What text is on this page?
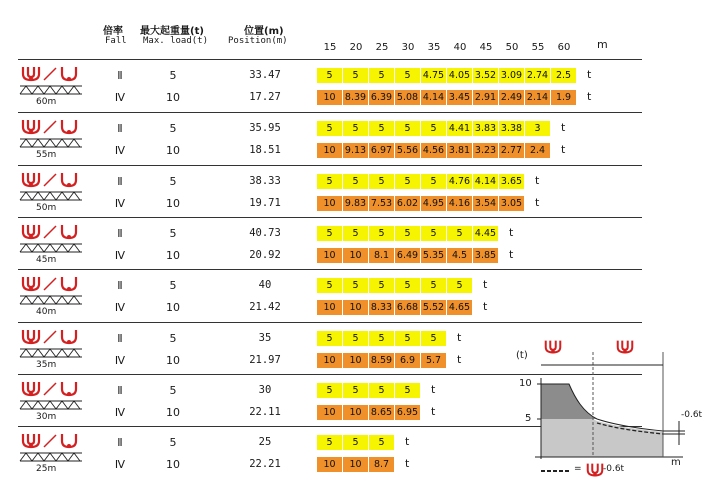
倍率
Fall
最大起重量(t)
Max. load(t)
位置(m)
Position(m)
15	20	25	30	35	40	45	50	55	60	m
60m
Ⅱ	5	33.47	5	5	5	5	4.75 4.05 3.52 3.09 2.74 2.5	t
Ⅳ	10	17.27	10 8.39 6.39 5.08 4.14 3.45 2.91 2.49 2.14 1.9	t
55m
Ⅱ	5	35.95	5	5	5	5	5	4.41 3.83 3.38	3	t
Ⅳ	10	18.51	10 9.13 6.97 5.56 4.56 3.81 3.23 2.77 2.4	t
50m
Ⅱ	5	38.33	5	5	5	5	5	4.76 4.14 3.65 t
Ⅳ	10	19.71	10 9.83 7.53 6.02 4.95 4.16 3.54 3.05 t
45m
Ⅱ	5	40.73	5	5	5	5	5	5	4.45 t
Ⅳ	10	20.92	10	10	8.1 6.49 5.35 4.5 3.85 t
40m
Ⅱ	5	40	5	5	5	5	5	5	t
Ⅳ	10	21.42	10	10 8.33 6.68 5.52 4.65 t
35m
Ⅱ	5	35	5	5	5	5	5	t
Ⅳ	10	21.97	10	10 8.59 6.9	5.7	t
30m
Ⅱ	5	30	5	5	5	5	t
Ⅳ	10	22.11	10	10 8.65 6.95 t
25m
Ⅱ	5	25	5	5	5	t
Ⅳ	10	22.21	10	10	8.7	t
(t)
10
5
m
-0.6t
= -0.6t
